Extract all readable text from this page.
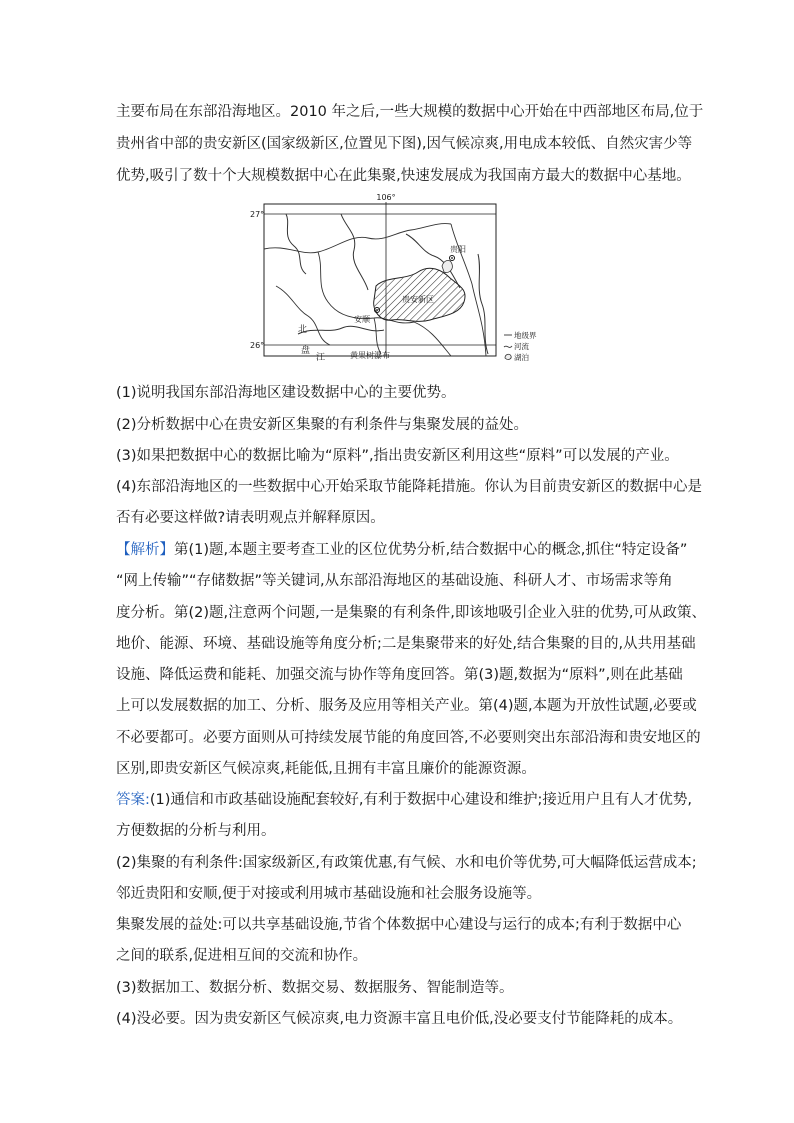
主要布局在东部沿海地区。2010 年之后,一些大规模的数据中心开始在中西部地区布局,位于
贵州省中部的贵安新区(国家级新区,位置见下图),因气候凉爽,用电成本较低、自然灾害少等
优势,吸引了数十个大规模数据中心在此集聚,快速发展成为我国南方最大的数据中心基地。
106°
27°
26°
贵阳
贵安新区
安顺
北
盘
江	黄果树瀑布
地级界
河流
湖泊
(1)说明我国东部沿海地区建设数据中心的主要优势。
(2)分析数据中心在贵安新区集聚的有利条件与集聚发展的益处。
(3)如果把数据中心的数据比喻为“原料”,指出贵安新区利用这些“原料”可以发展的产业。
(4)东部沿海地区的一些数据中心开始采取节能降耗措施。你认为目前贵安新区的数据中心是
否有必要这样做?请表明观点并解释原因。
【解析】第(1)题,本题主要考查工业的区位优势分析,结合数据中心的概念,抓住“特定设备”
“网上传输”“存储数据”等关键词,从东部沿海地区的基础设施、科研人才、市场需求等角
度分析。第(2)题,注意两个问题,一是集聚的有利条件,即该地吸引企业入驻的优势,可从政策、
地价、能源、环境、基础设施等角度分析;二是集聚带来的好处,结合集聚的目的,从共用基础
设施、降低运费和能耗、加强交流与协作等角度回答。第(3)题,数据为“原料”,则在此基础
上可以发展数据的加工、分析、服务及应用等相关产业。第(4)题,本题为开放性试题,必要或
不必要都可。必要方面则从可持续发展节能的角度回答,不必要则突出东部沿海和贵安地区的
区别,即贵安新区气候凉爽,耗能低,且拥有丰富且廉价的能源资源。
答案:(1)通信和市政基础设施配套较好,有利于数据中心建设和维护;接近用户且有人才优势,
方便数据的分析与利用。
(2)集聚的有利条件:国家级新区,有政策优惠,有气候、水和电价等优势,可大幅降低运营成本;
邻近贵阳和安顺,便于对接或利用城市基础设施和社会服务设施等。
集聚发展的益处:可以共享基础设施,节省个体数据中心建设与运行的成本;有利于数据中心
之间的联系,促进相互间的交流和协作。
(3)数据加工、数据分析、数据交易、数据服务、智能制造等。
(4)没必要。因为贵安新区气候凉爽,电力资源丰富且电价低,没必要支付节能降耗的成本。
